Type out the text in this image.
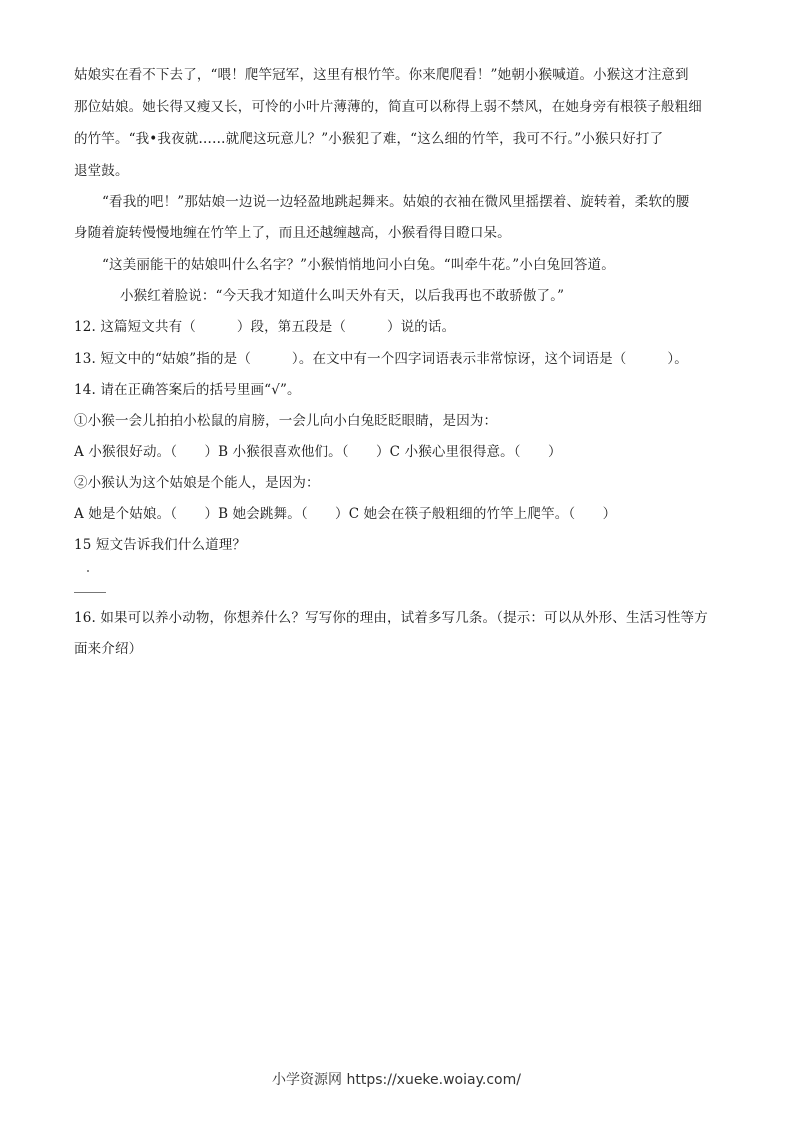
姑娘实在看不下去了，“喂！爬竿冠军，这里有根竹竿。你来爬爬看！”她朝小猴喊道。小猴这才注意到
那位姑娘。她长得又瘦又长，可怜的小叶片薄薄的，简直可以称得上弱不禁风，在她身旁有根筷子般粗细
的竹竿。“我•我夜就……就爬这玩意儿？”小猴犯了难，“这么细的竹竿，我可不行。”小猴只好打了
退堂鼓。
“看我的吧！”那姑娘一边说一边轻盈地跳起舞来。姑娘的衣袖在微风里摇摆着、旋转着，柔软的腰
身随着旋转慢慢地缠在竹竿上了，而且还越缠越高，小猴看得目瞪口呆。
“这美丽能干的姑娘叫什么名字？”小猴悄悄地问小白兔。“叫牵牛花。”小白兔回答道。
小猴红着脸说：“今天我才知道什么叫天外有天，以后我再也不敢骄傲了。”
12. 这篇短文共有（　　　）段，第五段是（　　　）说的话。
13. 短文中的“姑娘”指的是（　　　）。在文中有一个四字词语表示非常惊讶，这个词语是（　　　）。
14. 请在正确答案后的括号里画“√”。
①小猴一会儿拍拍小松鼠的肩膀，一会儿向小白兔眨眨眼睛，是因为：
A 小猴很好动。（　　）B 小猴很喜欢他们。（　　）C 小猴心里很得意。（　　）
②小猴认为这个姑娘是个能人，是因为：
A 她是个姑娘。（　　）B 她会跳舞。（　　）C 她会在筷子般粗细的竹竿上爬竿。（　　）
15 短文告诉我们什么道理？
16. 如果可以养小动物，你想养什么？写写你的理由，试着多写几条。（提示：可以从外形、生活习性等方
面来介绍）
小学资源网 https://xueke.woiay.com/
